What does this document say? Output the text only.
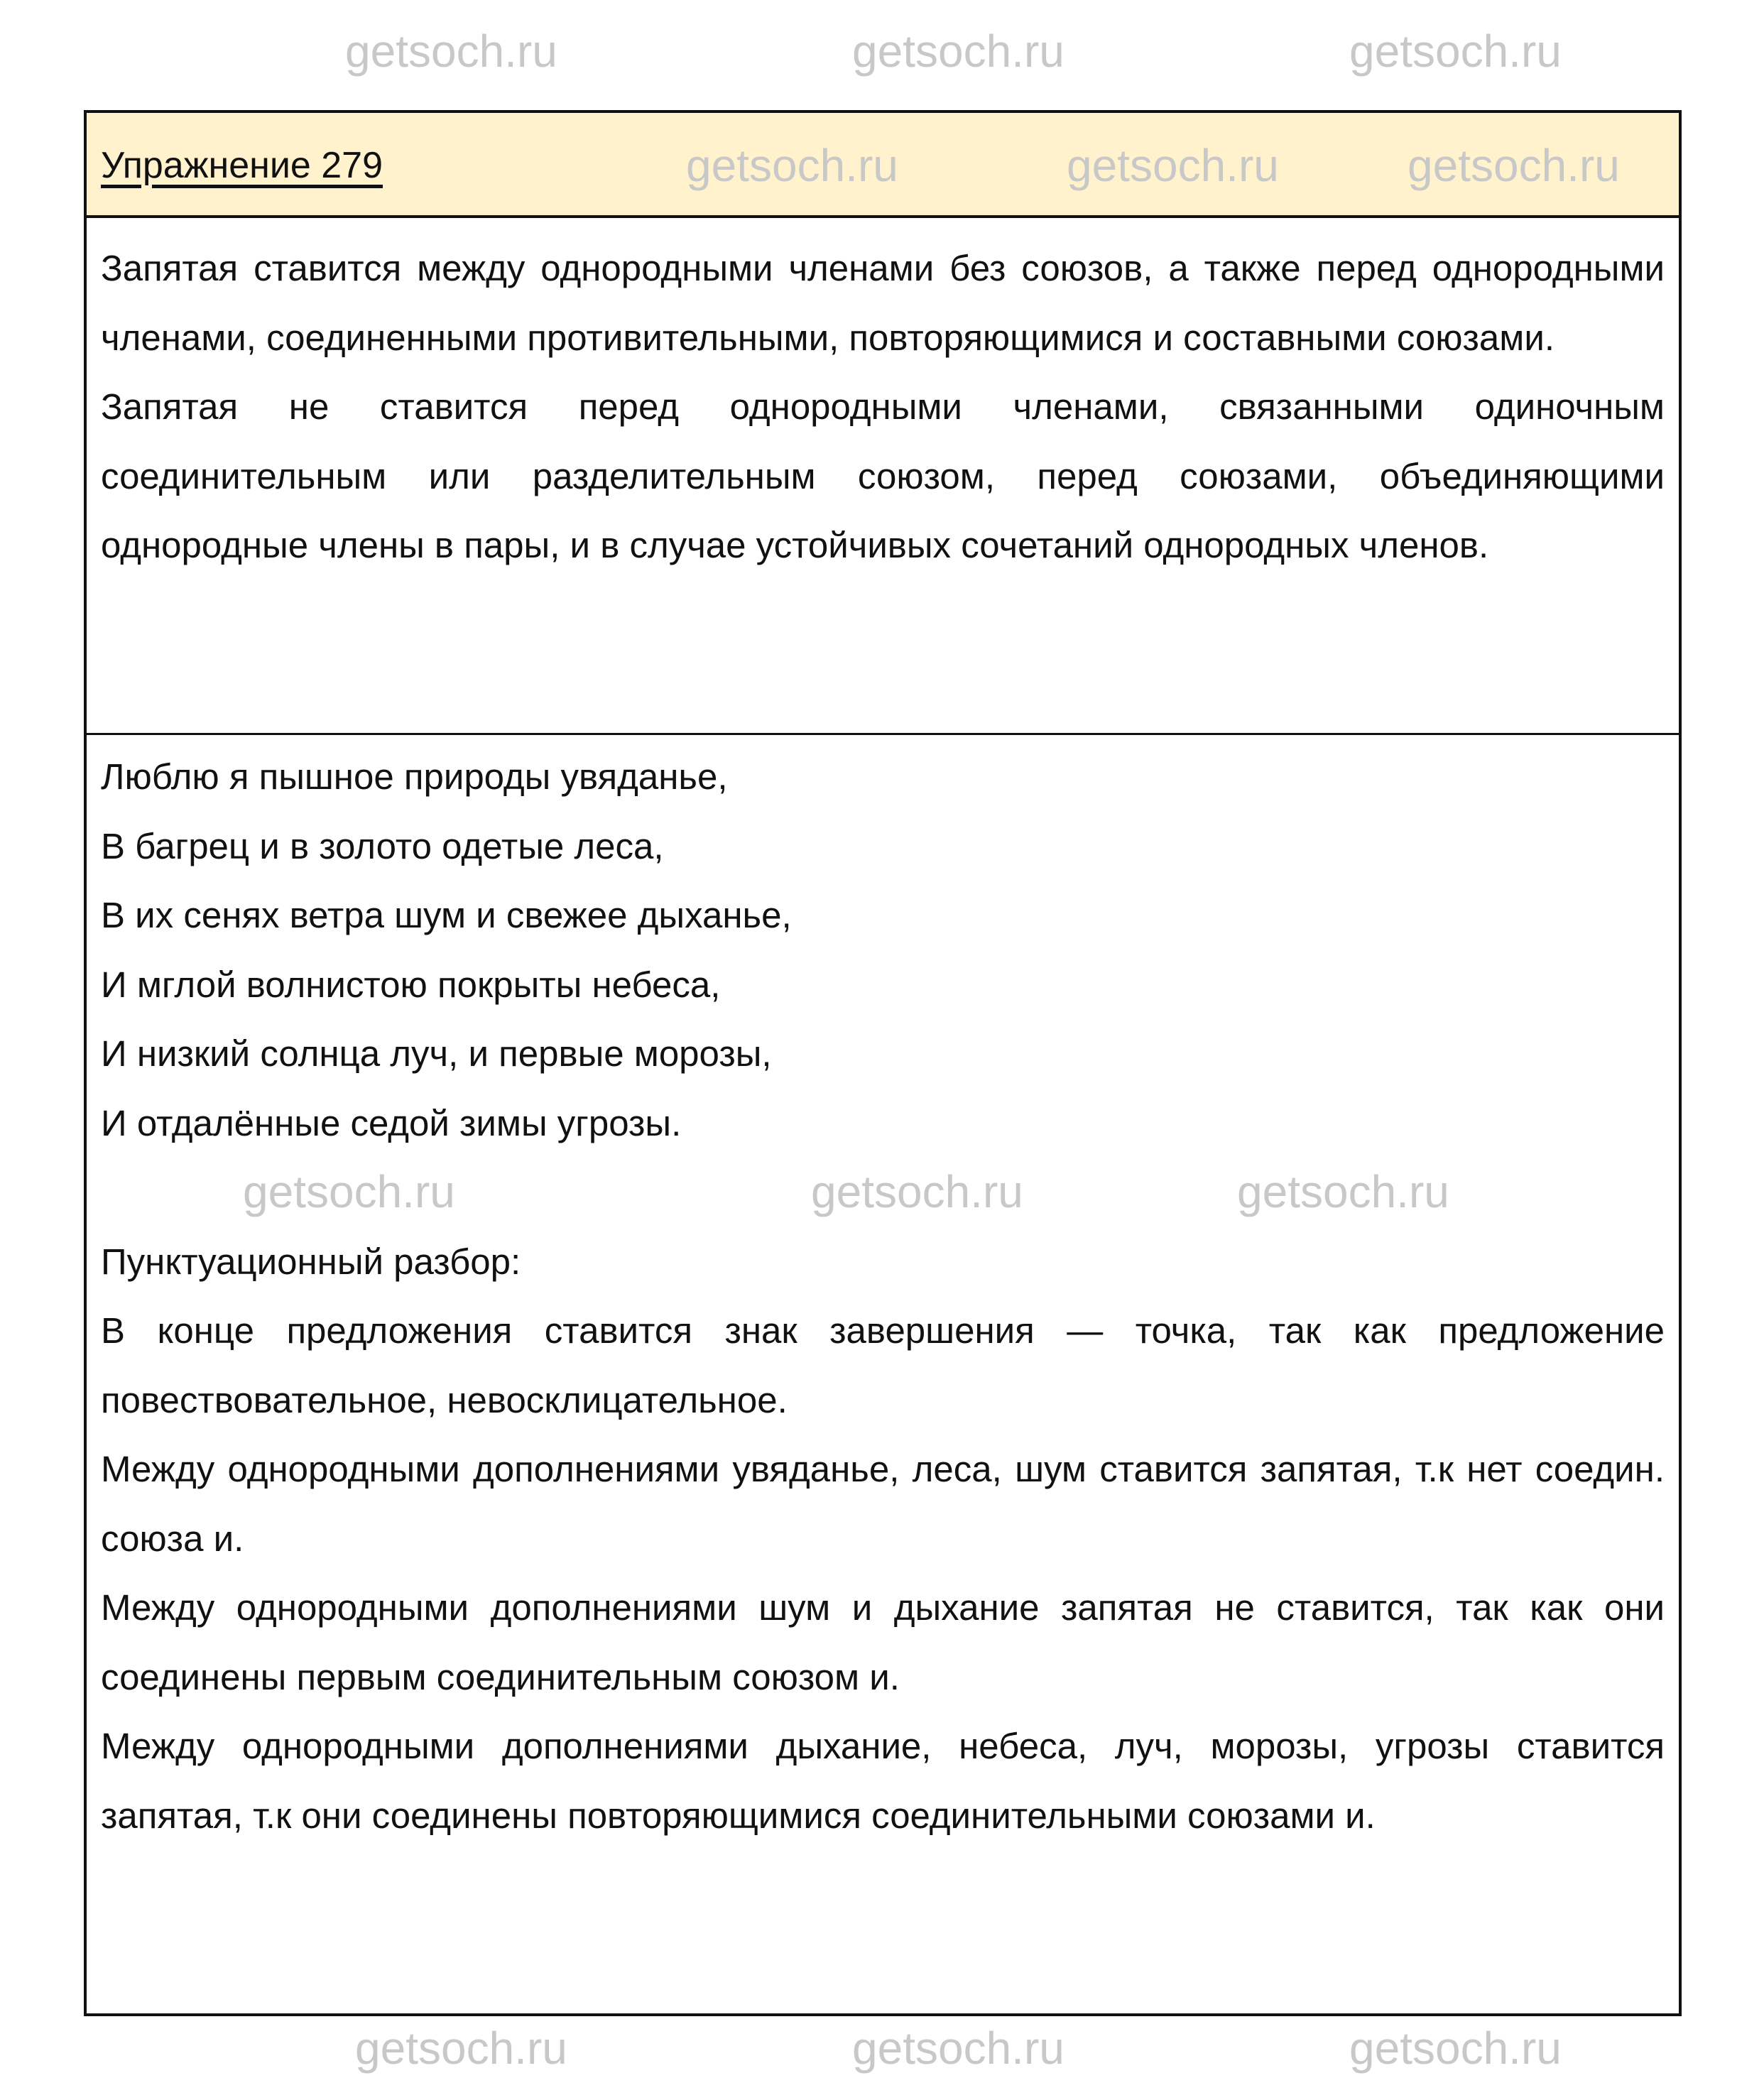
getsoch.ru	getsoch.ru	getsoch.ru
Упражнение 279	getsoch.ru	getsoch.ru	getsoch.ru

Запятая ставится между однородными членами без союзов, а также перед однородными членами, соединенными противительными, повторяющимися и составными союзами.

Запятая не ставится перед однородными членами, связанными одиночным соединительным или разделительным союзом, перед союзами, объединяющими однородные члены в пары, и в случае устойчивых сочетаний однородных членов.

Люблю я пышное природы увяданье,

В багрец и в золото одетые леса,

В их сенях ветра шум и свежее дыханье,

И мглой волнистою покрыты небеса,

И низкий солнца луч, и первые морозы,

И отдалённые седой зимы угрозы.

getsoch.ru	getsoch.ru	getsoch.ru

Пунктуационный разбор:

В конце предложения ставится знак завершения — точка, так как предложение повествовательное, невосклицательное.

Между однородными дополнениями увяданье, леса, шум ставится запятая, т.к нет соедин. союза и.

Между однородными дополнениями шум и дыхание запятая не ставится, так как они соединены первым соединительным союзом и.

Между однородными дополнениями дыхание, небеса, луч, морозы, угрозы ставится запятая, т.к они соединены повторяющимися соединительными союзами и.

getsoch.ru	getsoch.ru	getsoch.ru
